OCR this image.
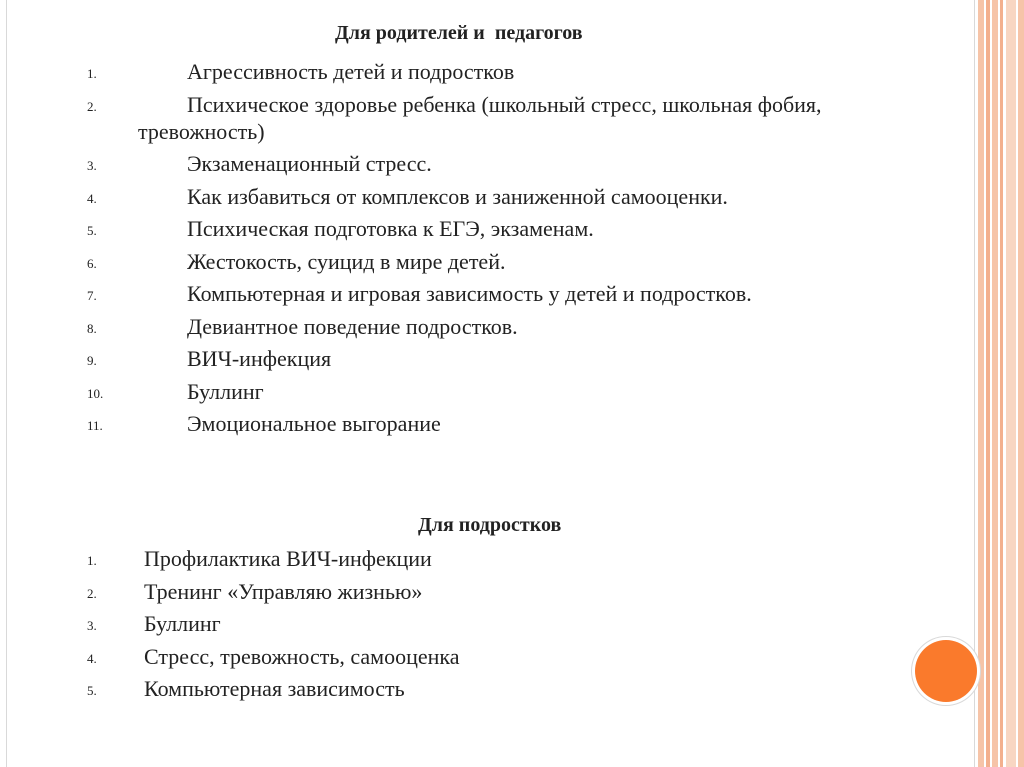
Для родителей и  педагогов
1.	Агрессивность детей и подростков
2.	Психическое здоровье ребенка (школьный стресс, школьная фобия, тревожность)
3.	Экзаменационный стресс.
4.	Как избавиться от комплексов и заниженной самооценки.
5.	Психическая подготовка к ЕГЭ, экзаменам.
6.	Жестокость, суицид в мире детей.
7.	Компьютерная и игровая зависимость у детей и подростков.
8.	Девиантное поведение подростков.
9.	ВИЧ-инфекция
10.	Буллинг
11.	Эмоциональное выгорание
Для подростков
1.	Профилактика ВИЧ-инфекции
2.	Тренинг «Управляю жизнью»
3.	Буллинг
4.	Стресс, тревожность, самооценка
5.	Компьютерная зависимость
